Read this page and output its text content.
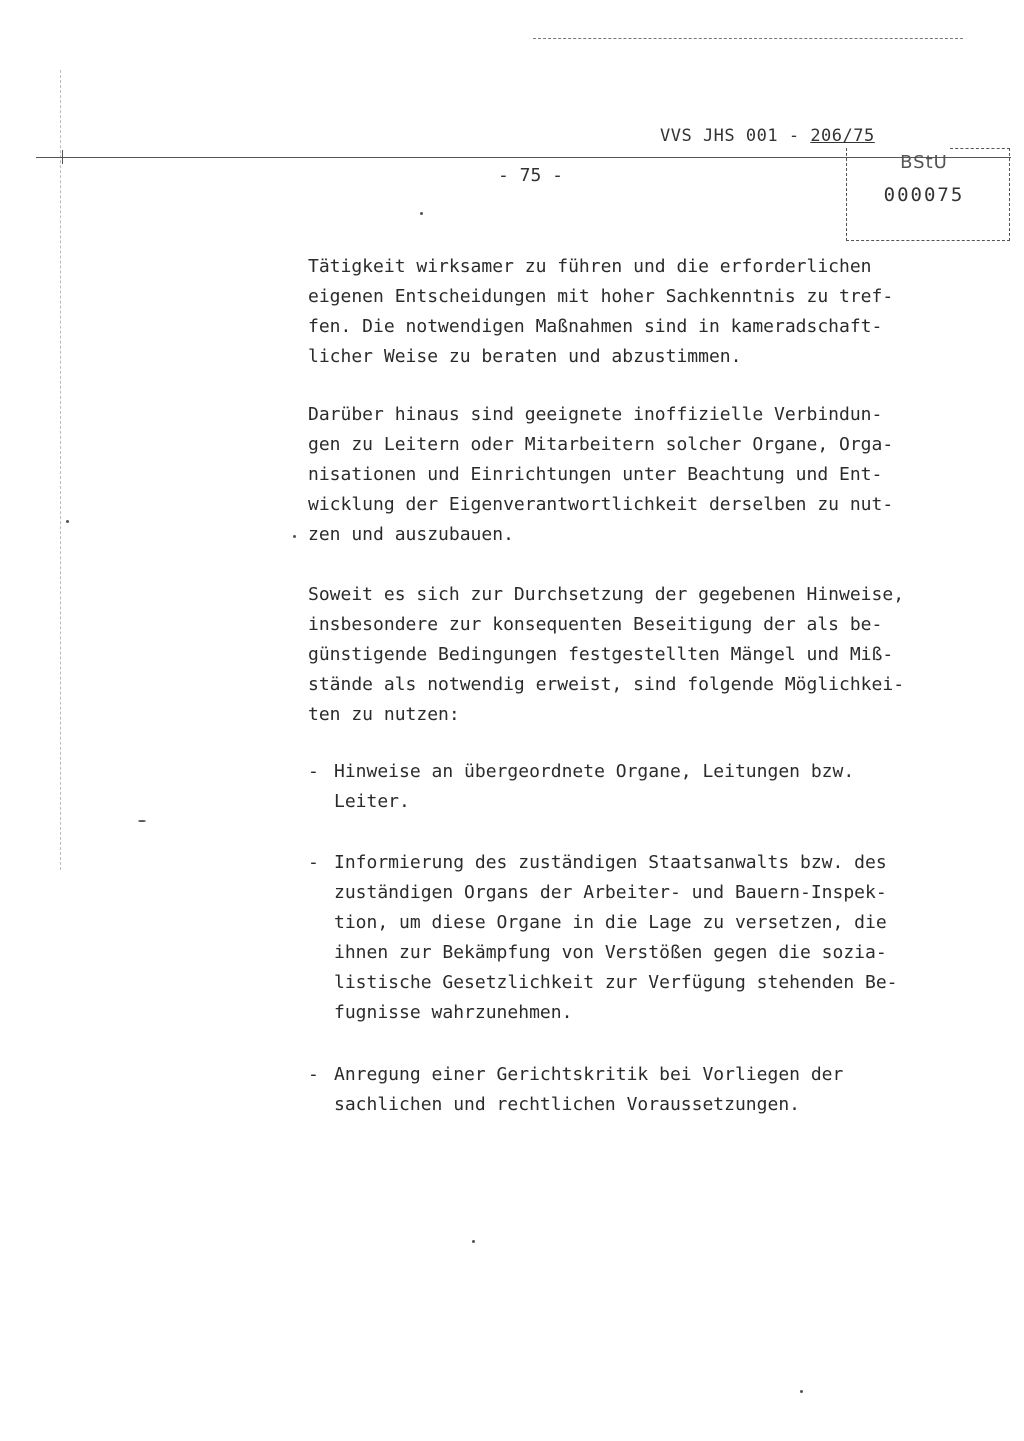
VVS JHS 001 - 206/75
- 75 -
BStU
000075

Tätigkeit wirksamer zu führen und die erforderlichen
eigenen Entscheidungen mit hoher Sachkenntnis zu tref-
fen. Die notwendigen Maßnahmen sind in kameradschaft-
licher Weise zu beraten und abzustimmen.

Darüber hinaus sind geeignete inoffizielle Verbindun-
gen zu Leitern oder Mitarbeitern solcher Organe, Orga-
nisationen und Einrichtungen unter Beachtung und Ent-
wicklung der Eigenverantwortlichkeit derselben zu nut-
zen und auszubauen.

Soweit es sich zur Durchsetzung der gegebenen Hinweise,
insbesondere zur konsequenten Beseitigung der als be-
günstigende Bedingungen festgestellten Mängel und Miß-
stände als notwendig erweist, sind folgende Möglichkei-
ten zu nutzen:

- Hinweise an übergeordnete Organe, Leitungen bzw.
Leiter.

- Informierung des zuständigen Staatsanwalts bzw. des
zuständigen Organs der Arbeiter- und Bauern-Inspek-
tion, um diese Organe in die Lage zu versetzen, die
ihnen zur Bekämpfung von Verstößen gegen die sozia-
listische Gesetzlichkeit zur Verfügung stehenden Be-
fugnisse wahrzunehmen.

- Anregung einer Gerichtskritik bei Vorliegen der
sachlichen und rechtlichen Voraussetzungen.
